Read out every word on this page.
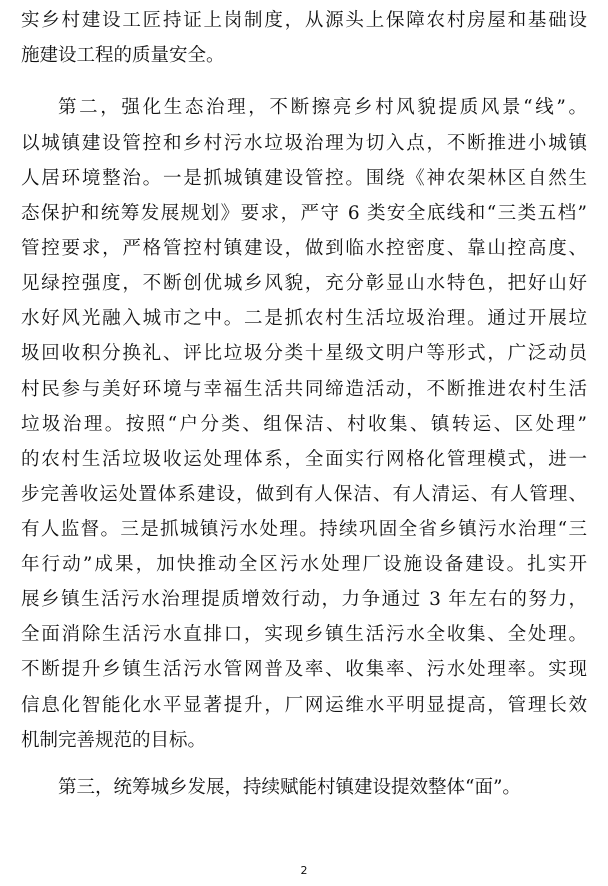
实乡村建设工匠持证上岗制度，从源头上保障农村房屋和基础设
施建设工程的质量安全。
第二，强化生态治理，不断擦亮乡村风貌提质风景“线”。
以城镇建设管控和乡村污水垃圾治理为切入点，不断推进小城镇
人居环境整治。一是抓城镇建设管控。围绕《神农架林区自然生
态保护和统筹发展规划》要求，严守 6 类安全底线和“三类五档”
管控要求，严格管控村镇建设，做到临水控密度、靠山控高度、
见绿控强度，不断创优城乡风貌，充分彰显山水特色，把好山好
水好风光融入城市之中。二是抓农村生活垃圾治理。通过开展垃
圾回收积分换礼、评比垃圾分类十星级文明户等形式，广泛动员
村民参与美好环境与幸福生活共同缔造活动，不断推进农村生活
垃圾治理。按照“户分类、组保洁、村收集、镇转运、区处理”
的农村生活垃圾收运处理体系，全面实行网格化管理模式，进一
步完善收运处置体系建设，做到有人保洁、有人清运、有人管理、
有人监督。三是抓城镇污水处理。持续巩固全省乡镇污水治理“三
年行动”成果，加快推动全区污水处理厂设施设备建设。扎实开
展乡镇生活污水治理提质增效行动，力争通过 3 年左右的努力，
全面消除生活污水直排口，实现乡镇生活污水全收集、全处理。
不断提升乡镇生活污水管网普及率、收集率、污水处理率。实现
信息化智能化水平显著提升，厂网运维水平明显提高，管理长效
机制完善规范的目标。
第三，统筹城乡发展，持续赋能村镇建设提效整体“面”。
2
